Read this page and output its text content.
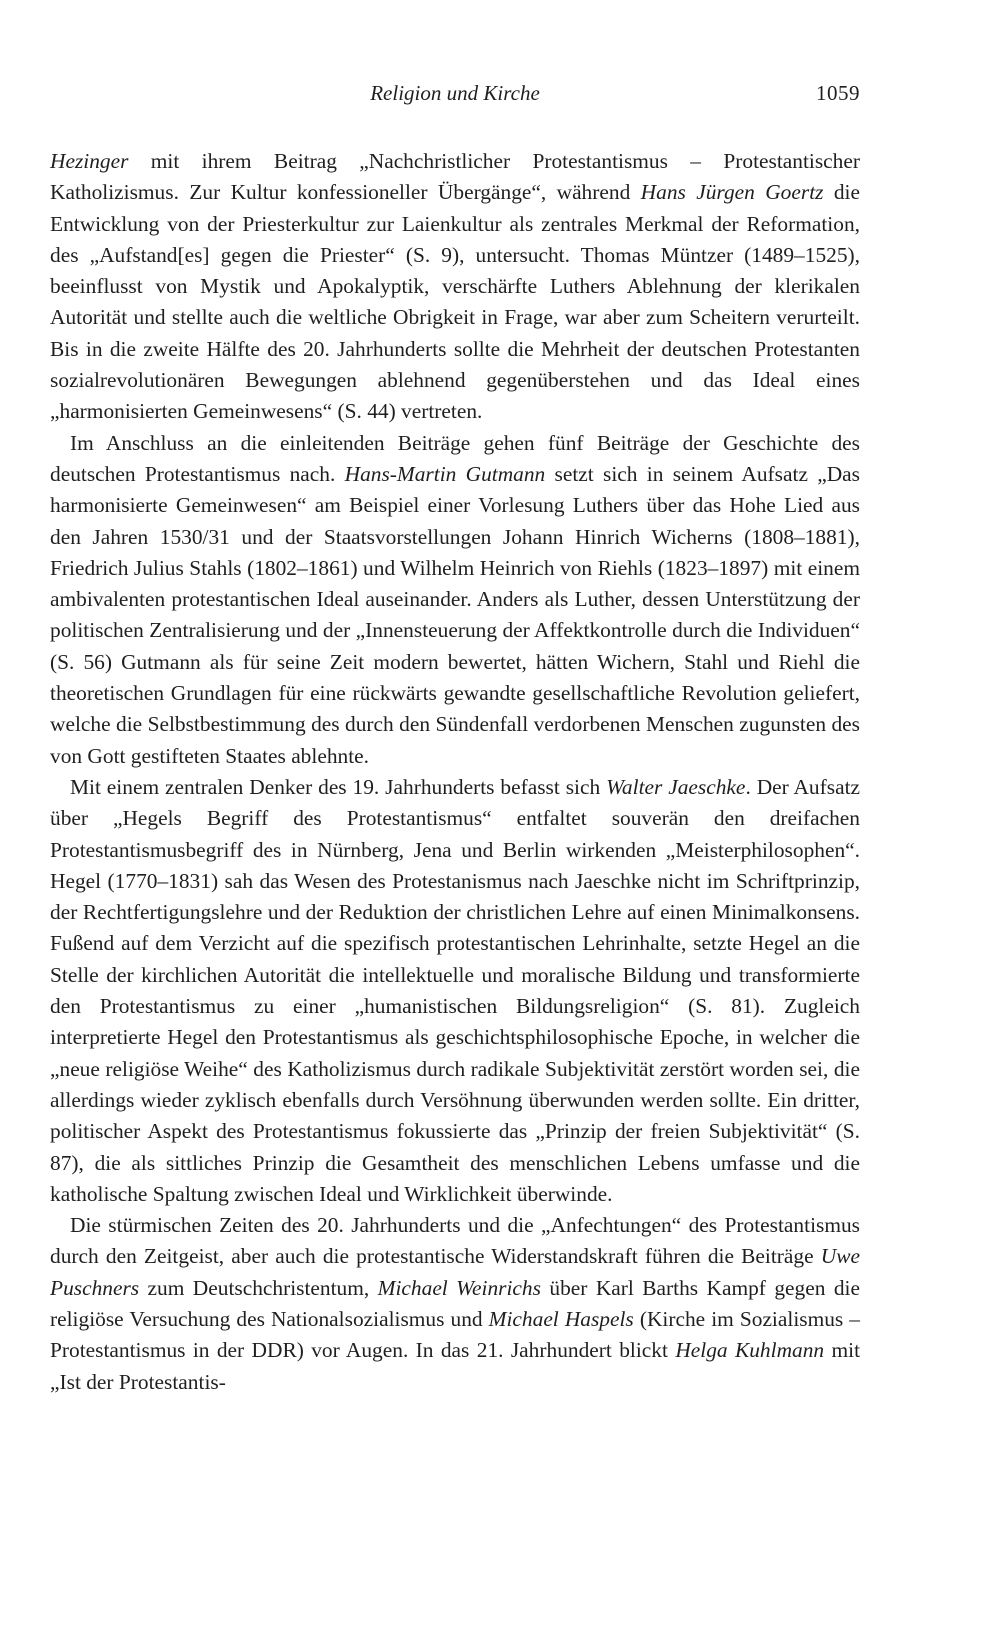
Religion und Kirche	1059

Hezinger mit ihrem Beitrag „Nachchristlicher Protestantismus – Protestantischer Katholizismus. Zur Kultur konfessioneller Übergänge“, während Hans Jürgen Goertz die Entwicklung von der Priesterkultur zur Laienkultur als zentrales Merkmal der Reformation, des „Aufstand[es] gegen die Priester“ (S. 9), untersucht. Thomas Müntzer (1489–1525), beeinflusst von Mystik und Apokalyptik, verschärfte Luthers Ablehnung der klerikalen Autorität und stellte auch die weltliche Obrigkeit in Frage, war aber zum Scheitern verurteilt. Bis in die zweite Hälfte des 20. Jahrhunderts sollte die Mehrheit der deutschen Protestanten sozialrevolutionären Bewegungen ablehnend gegenüberstehen und das Ideal eines „harmonisierten Gemeinwesens“ (S. 44) vertreten.

Im Anschluss an die einleitenden Beiträge gehen fünf Beiträge der Geschichte des deutschen Protestantismus nach. Hans-Martin Gutmann setzt sich in seinem Aufsatz „Das harmonisierte Gemeinwesen“ am Beispiel einer Vorlesung Luthers über das Hohe Lied aus den Jahren 1530/31 und der Staatsvorstellungen Johann Hinrich Wicherns (1808–1881), Friedrich Julius Stahls (1802–1861) und Wilhelm Heinrich von Riehls (1823–1897) mit einem ambivalenten protestantischen Ideal auseinander. Anders als Luther, dessen Unterstützung der politischen Zentralisierung und der „Innensteuerung der Affektkontrolle durch die Individuen“ (S. 56) Gutmann als für seine Zeit modern bewertet, hätten Wichern, Stahl und Riehl die theoretischen Grundlagen für eine rückwärts gewandte gesellschaftliche Revolution geliefert, welche die Selbstbestimmung des durch den Sündenfall verdorbenen Menschen zugunsten des von Gott gestifteten Staates ablehnte.

Mit einem zentralen Denker des 19. Jahrhunderts befasst sich Walter Jaeschke. Der Aufsatz über „Hegels Begriff des Protestantismus“ entfaltet souverän den dreifachen Protestantismusbegriff des in Nürnberg, Jena und Berlin wirkenden „Meisterphilosophen“. Hegel (1770–1831) sah das Wesen des Protestanismus nach Jaeschke nicht im Schriftprinzip, der Rechtfertigungslehre und der Reduktion der christlichen Lehre auf einen Minimalkonsens. Fußend auf dem Verzicht auf die spezifisch protestantischen Lehrinhalte, setzte Hegel an die Stelle der kirchlichen Autorität die intellektuelle und moralische Bildung und transformierte den Protestantismus zu einer „humanistischen Bildungsreligion“ (S. 81). Zugleich interpretierte Hegel den Protestantismus als geschichtsphilosophische Epoche, in welcher die „neue religiöse Weihe“ des Katholizismus durch radikale Subjektivität zerstört worden sei, die allerdings wieder zyklisch ebenfalls durch Versöhnung überwunden werden sollte. Ein dritter, politischer Aspekt des Protestantismus fokussierte das „Prinzip der freien Subjektivität“ (S. 87), die als sittliches Prinzip die Gesamtheit des menschlichen Lebens umfasse und die katholische Spaltung zwischen Ideal und Wirklichkeit überwinde.

Die stürmischen Zeiten des 20. Jahrhunderts und die „Anfechtungen“ des Protestantismus durch den Zeitgeist, aber auch die protestantische Widerstandskraft führen die Beiträge Uwe Puschners zum Deutschchristentum, Michael Weinrichs über Karl Barths Kampf gegen die religiöse Versuchung des Nationalsozialismus und Michael Haspels (Kirche im Sozialismus – Protestantismus in der DDR) vor Augen. In das 21. Jahrhundert blickt Helga Kuhlmann mit „Ist der Protestantis-
